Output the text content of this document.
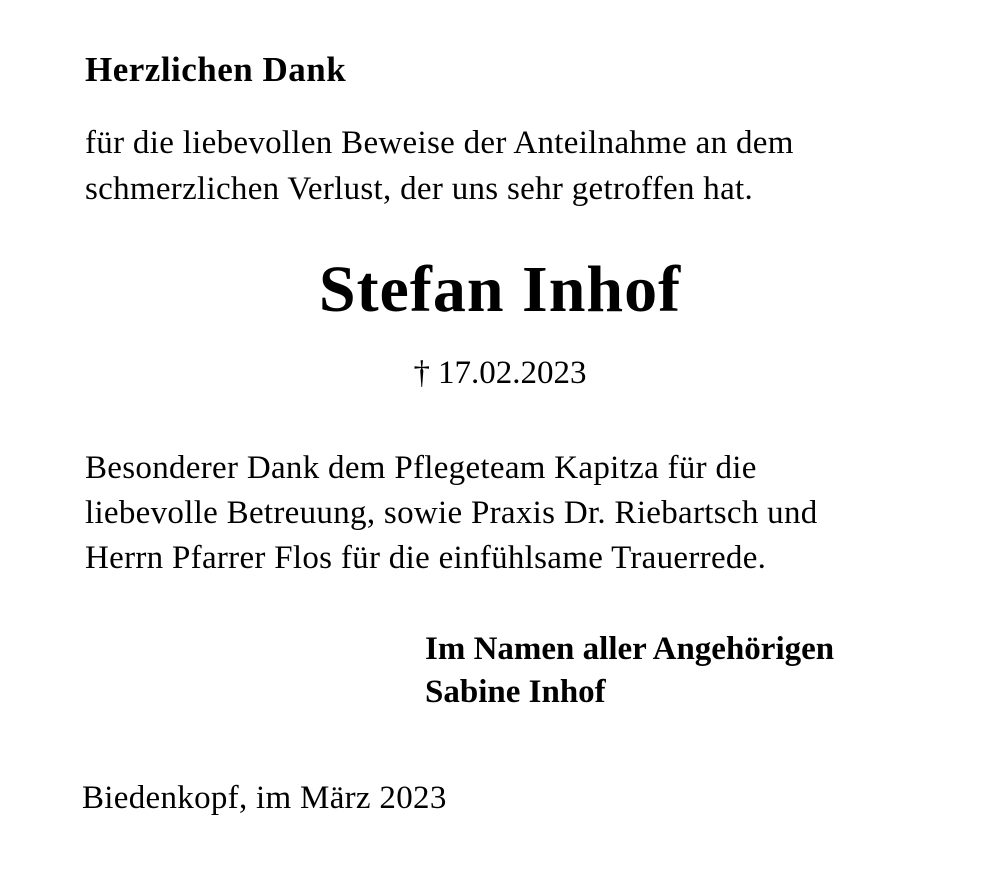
Herzlichen Dank
für die liebevollen Beweise der Anteilnahme an dem
schmerzlichen Verlust, der uns sehr getroffen hat.
Stefan Inhof
† 17.02.2023
Besonderer Dank dem Pflegeteam Kapitza für die
liebevolle Betreuung, sowie Praxis Dr. Riebartsch und
Herrn Pfarrer Flos für die einfühlsame Trauerrede.
Im Namen aller Angehörigen
Sabine Inhof
Biedenkopf, im März 2023
